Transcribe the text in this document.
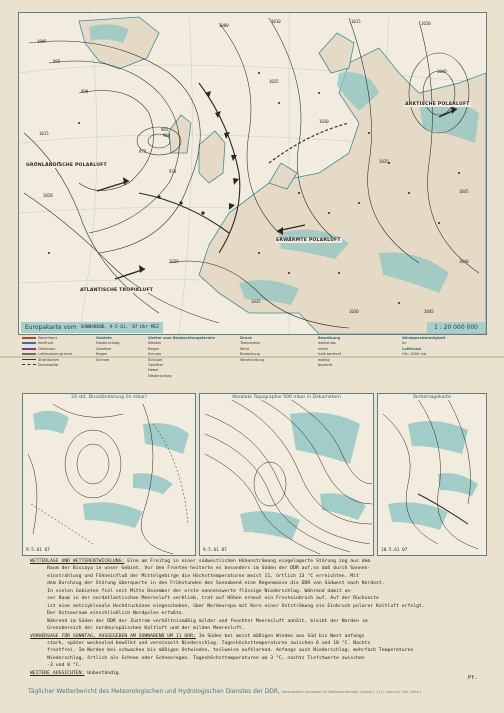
1005
995
990
985
980
975
970
1000
1010	1015	1020
1025
1030
1035
1040
1045
1015
1020
1025
1035
1030
1040
1045
GRÖNLÄNDISCHE POLARLUFT
ARKTISCHE POLARLUFT
ERWÄRMTE POLARLUFT
ATLANTISCHE TROPIKLUFT
Europakarte vom SONNABEND, 9-5-61, 07 Uhr MEZ	1 : 20 000 000
Warmfront
Kaltfront
Okklusion
Luftmassen-grenze
Strahlstrom
Druckwelle
Gebiete
Niederschlag
Gewitter
Regen
Schnee
Wetter zum Beobachtungstermin
Nieseln
Regen
Schnee
Schauer
Gewitter
Nebel
Niederschlag
Druck
Temperatur
Wind
Bedeckung
Windrichtung
Bewölkung
wolkenlos
heiter
halb bedeckt
wolkig
bedeckt
Windgeschwindigkeit
kn
Luftdruck
Ort: 1000 mb
24 std. Druckänderung (in mbar)
9.5.61 07
Absolute Topographie 500 mbar in Dekametern
9.5.61 07
Vorhersagekarte
10.5.61 07

WETTERLAGE UND WETTERENTWICKLUNG: Eine am Freitag in einer südwestlichen Höhenströmung eingelagerte Störung zog aus dem

Raum der Biscaya in unser Gebiet. Vor den Fronten heiterte es besonders im Süden der DDR auf,so daß durch Sonnen-

einstrahlung und Föhneinfluß der Mittelgebirge die Höchsttemperaturen meist 11, örtlich 13 °C erreichten. Mit

dem Durchzug der Störung überquerte in den Frühstunden des Sonnabend eine Regenmasse die DDR von Südwest nach Nordost.

In vielen Gebieten fiel seit Mitte Dezember der erste nennenswerte flüssige Niederschlag. Während damit un-

ser Raum in der nordatlantischen Meeresluft verblieb, trat auf Höhen erneut ein Frosteinbruch auf. Auf der Rückseite

ist eine antizyklonale Hochdruckzone eingeschoben, über Nordeuropa mit Kern einer Ostströmung ein Einbruch polarer Kaltluft erfolgt.

Der Ostseeraum einschließlich Nordpolen erfaßte.

Während im Süden der DDR der Zustrom verhältnismäßig milder und feuchter Meeresluft anhält, bleibt der Norden im

Grenzbereich der nordeuropäischen Kaltluft und der milden Meeresluft.

VORHERSAGE FÜR SONNTAG, AUSGEGEBEN AM SONNABEND UM 11 UHR: Im Süden bei meist mäßigen Winden aus Süd bis West anfangs

stark, später wechselnd bewölkt und vereinzelt Niederschlag. Tageshöchsttemperaturen zwischen 6 und 10 °C. Nachts

frostfrei. Im Norden bei schwachen bis mäßigen Ostwinden, teilweise aufklarend. Anfangs auch Niederschlag; mehrfach Temperaturen

Niederschlag, örtlich als Schnee oder Schneeregen. Tageshöchsttemperaturen um 3 °C, nachts Tiefstwerte zwischen

-3 und 0 °C.

WEITERE AUSSICHTEN: Unbeständig.

Pf.
Täglicher Wetterbericht des Meteorologischen und Hydrologischen Dienstes der DDR, Herausgeber: Hauptamt für Wettervorhersage, Leipzig C 1 (1) Lizenz-Nr. 444, Seite 1
